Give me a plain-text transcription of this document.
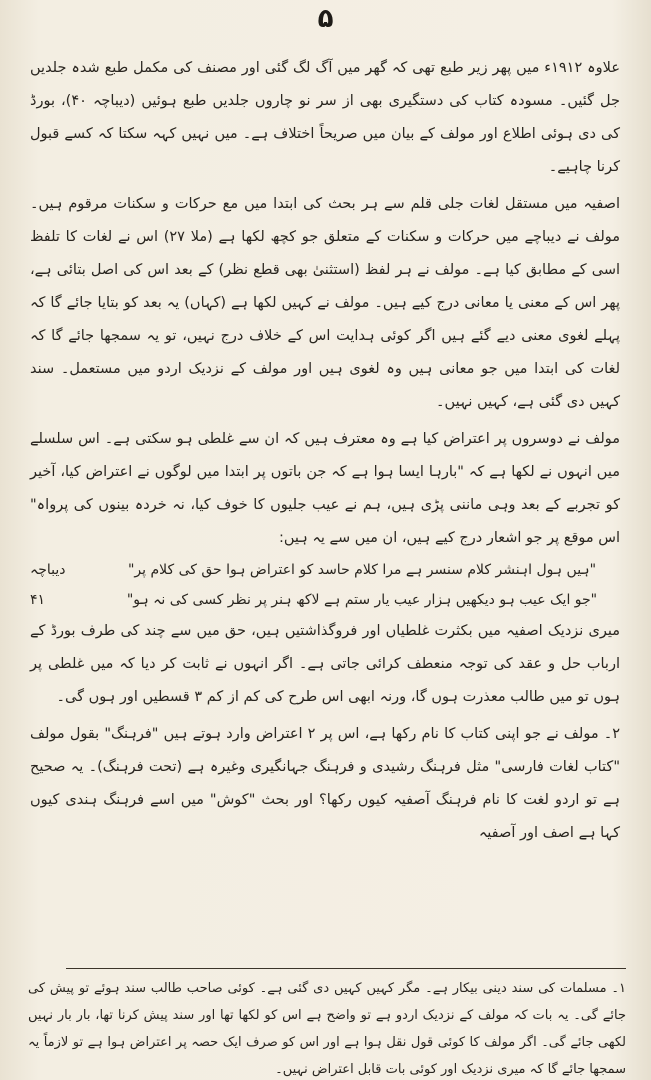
۵

علاوہ ۱۹۱۲ء میں پھر زیر طبع تھی کہ گھر میں آگ لگ گئی اور مصنف کی مکمل طبع شدہ جلدیں جل گئیں۔ مسودہ کتاب کی دستگیری بھی از سر نو چاروں جلدیں طبع ہوئیں (دیباچہ ۴۰)، بورڈ کی دی ہوئی اطلاع اور مولف کے بیان میں صریحاً اختلاف ہے۔ میں نہیں کہہ سکتا کہ کسے قبول کرنا چاہیے۔

اصفیہ میں مستقل لغات جلی قلم سے ہر بحث کی ابتدا میں مع حرکات و سکنات مرقوم ہیں۔ مولف نے دیباچے میں حرکات و سکنات کے متعلق جو کچھ لکھا ہے (ملا ۲۷) اس نے لغات کا تلفظ اسی کے مطابق کیا ہے۔ مولف نے ہر لفظ (استثنیٰ بھی قطع نظر) کے بعد اس کی اصل بتائی ہے، پھر اس کے معنی یا معانی درج کیے ہیں۔ مولف نے کہیں لکھا ہے (کہاں) یہ بعد کو بتایا جائے گا کہ پہلے لغوی معنی دیے گئے ہیں اگر کوئی ہدایت اس کے خلاف درج نہیں، تو یہ سمجھا جائے گا کہ لغات کی ابتدا میں جو معانی ہیں وہ لغوی ہیں اور مولف کے نزدیک اردو میں مستعمل۔ سند کہیں دی گئی ہے، کہیں نہیں۔

مولف نے دوسروں پر اعتراض کیا ہے وہ معترف ہیں کہ ان سے غلطی ہو سکتی ہے۔ اس سلسلے میں انہوں نے لکھا ہے کہ "بارہا ایسا ہوا ہے کہ جن باتوں پر ابتدا میں لوگوں نے اعتراض کیا، آخیر کو تجربے کے بعد وہی ماننی پڑی ہیں، ہم نے عیب جلیوں کا خوف کیا، نہ خردہ بینوں کی پرواہ" اس موقع پر جو اشعار درج کیے ہیں، ان میں سے یہ ہیں:

"ہیں ہول اہنشر کلام سنسر ہے مرا کلام حاسد کو اعتراض ہوا حق کی کلام پر"
دیباچہ
"جو ایک عیب ہو دیکھیں ہزار عیب یار ستم ہے لاکھ ہنر پر نظر کسی کی نہ ہو"
۴۱

میری نزدیک اصفیہ میں بکثرت غلطیاں اور فروگذاشتیں ہیں، حق میں سے چند کی طرف بورڈ کے ارباب حل و عقد کی توجہ منعطف کرائی جاتی ہے۔ اگر انہوں نے ثابت کر دیا کہ میں غلطی پر ہوں تو میں طالب معذرت ہوں گا، ورنہ ابھی اس طرح کی کم از کم ۳ قسطیں اور ہوں گی۔

۲۔ مولف نے جو اپنی کتاب کا نام رکھا ہے، اس پر ۲ اعتراض وارد ہوتے ہیں "فرہنگ" بقول مولف "کتاب لغات فارسی" مثل فرہنگ رشیدی و فرہنگ جہانگیری وغیرہ ہے (تحت فرہنگ)۔ یہ صحیح ہے تو اردو لغت کا نام فرہنگ آصفیہ کیوں رکھا؟ اور بحث "کوش" میں اسے فرہنگ ہندی کیوں کہا ہے اصف اور آصفیہ

۱۔ مسلمات کی سند دینی بیکار ہے۔ مگر کہیں کہیں دی گئی ہے۔ کوئی صاحب طالب سند ہوئے تو پیش کی جائے گی۔ یہ بات کہ مولف کے نزدیک اردو ہے تو واضح ہے اس کو لکھا تھا اور سند پیش کرنا تھا، بار بار نہیں لکھی جائے گی۔ اگر مولف کا کوئی قول نقل ہوا ہے اور اس کو صرف ایک حصہ پر اعتراض ہوا ہے تو لازماً یہ سمجھا جائے گا کہ میری نزدیک اور کوئی بات قابل اعتراض نہیں۔
